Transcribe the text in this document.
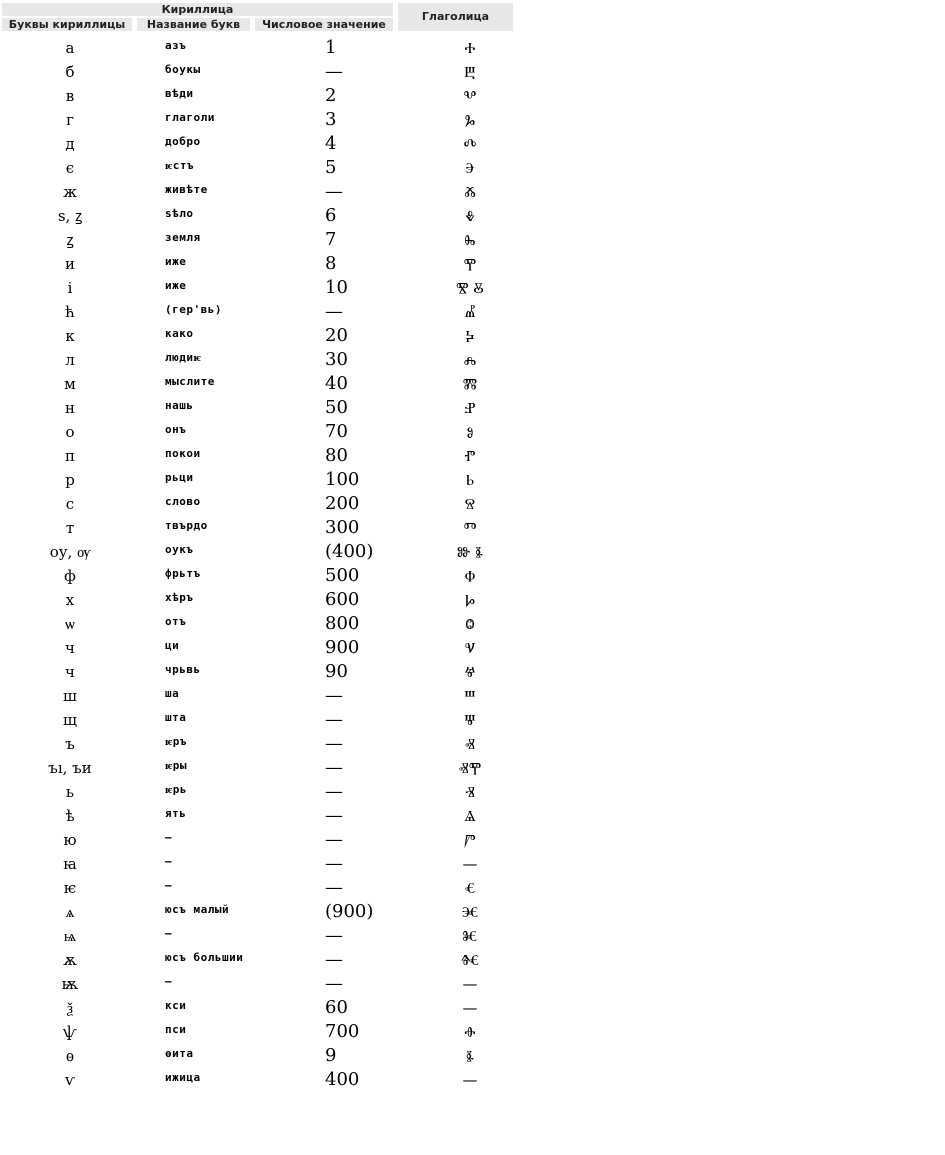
Кириллица
Буквы кириллицы	Название букв	Числовое значение
Глаголица
а	азъ	1	Ⰰ
б	боукы	—	Ⰱ
в	вѣди	2	Ⰲ
г	глаголи	3	Ⰳ
д	добро	4	Ⰴ
є	ѥстъ	5	Ⰵ
ж	живѣте	—	Ⰶ
ѕ, ꙁ	ѕѣло	6	Ⰷ
ꙁ	земля	7	Ⰸ
и	иже	8	Ⰹ
і	иже	10	Ⰺ Ⰻ
ћ	(гер'вь)	—	Ⰼ
к	како	20	Ⰽ
л	людиѥ	30	Ⰾ
м	мыслите	40	Ⰿ
н	нашь	50	Ⱀ
о	онъ	70	Ⱁ
п	покои	80	Ⱂ
р	рьци	100	Ⱃ
с	слово	200	Ⱄ
т	твърдо	300	Ⱅ
оу, ѹ	оукъ	(400)	Ⱆ Ⱛ
ф	фрьтъ	500	Ⱇ
х	хѣръ	600	Ⱈ
ѡ	отъ	800	Ⱉ
ч	ци	900	Ⱌ
ч	чрьвь	90	Ⱍ
ш	ша	—	Ⱎ
щ	шта	—	Ⱋ
ъ	ѥръ	—	Ⱏ
ъı, ъи	ѥры	—	ⰟⰉ
ь	ѥрь	—	Ⱐ
ѣ	ять	—	Ⱑ
ю	—	—	Ⱓ
ꙗ	—	—	—
ѥ	—	—	Ⱔ
ѧ	юсъ малый	(900)	Ⱗ
ѩ	—	—	Ⱘ
ѫ	юсъ большии	—	Ⱙ
ѭ	—	—	—
ѯ	кси	60	—
ѱ	пси	700	Ⱚ
ѳ	ѳита	9	Ⱛ
ѵ	ижица	400	—
